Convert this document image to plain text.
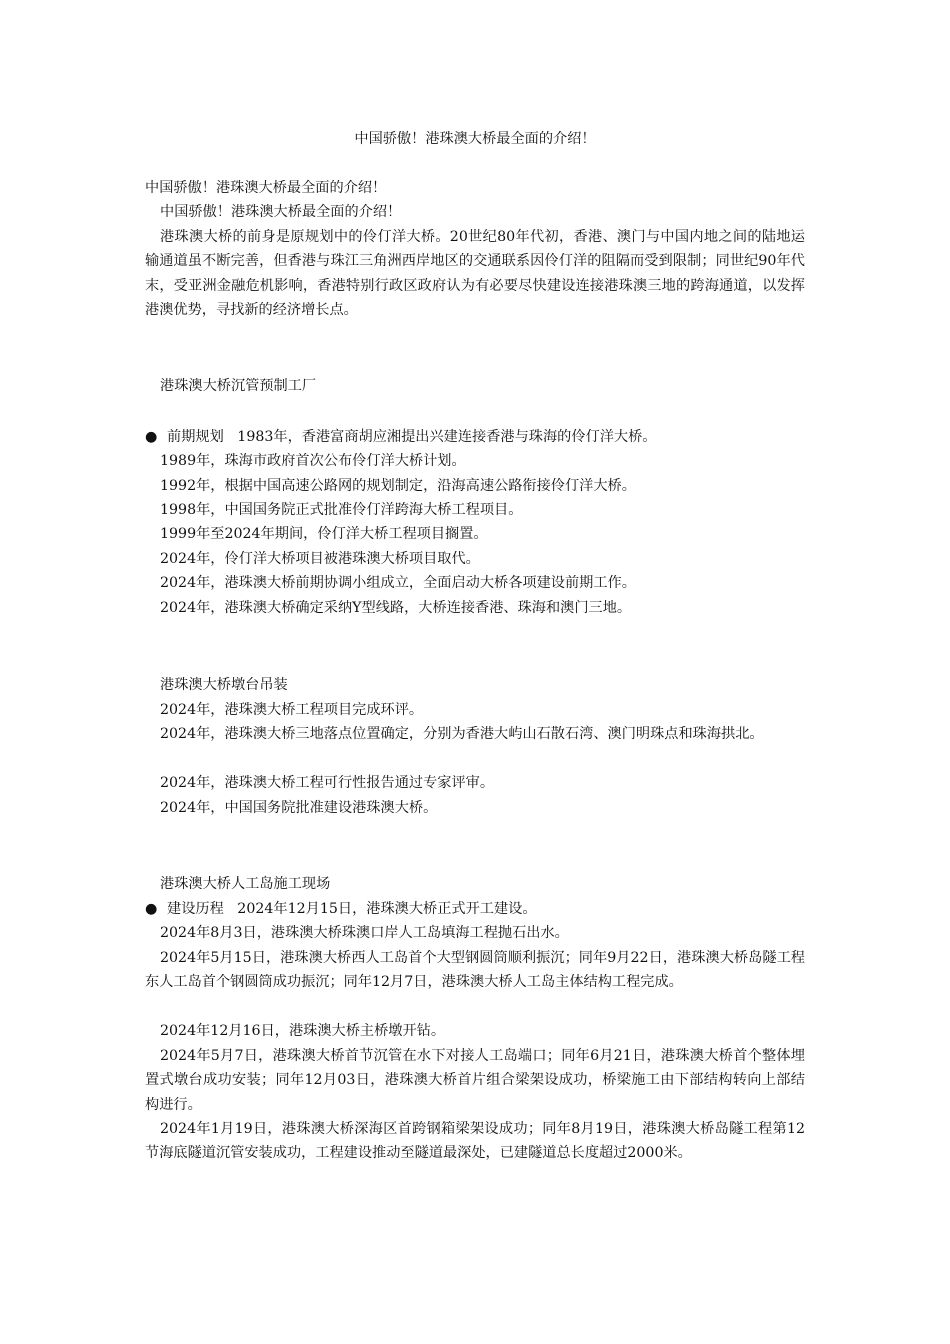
中国骄傲！港珠澳大桥最全面的介绍！
中国骄傲！港珠澳大桥最全面的介绍！
中国骄傲！港珠澳大桥最全面的介绍！
港珠澳大桥的前身是原规划中的伶仃洋大桥。20世纪80年代初，香港、澳门与中国内地之间的陆地运输通道虽不断完善，但香港与珠江三角洲西岸地区的交通联系因伶仃洋的阻隔而受到限制；同世纪90年代末，受亚洲金融危机影响，香港特别行政区政府认为有必要尽快建设连接港珠澳三地的跨海通道，以发挥港澳优势，寻找新的经济增长点。
港珠澳大桥沉管预制工厂
● 前期规划 1983年，香港富商胡应湘提出兴建连接香港与珠海的伶仃洋大桥。
1989年，珠海市政府首次公布伶仃洋大桥计划。
1992年，根据中国高速公路网的规划制定，沿海高速公路衔接伶仃洋大桥。
1998年，中国国务院正式批准伶仃洋跨海大桥工程项目。
1999年至2024年期间，伶仃洋大桥工程项目搁置。
2024年，伶仃洋大桥项目被港珠澳大桥项目取代。
2024年，港珠澳大桥前期协调小组成立，全面启动大桥各项建设前期工作。
2024年，港珠澳大桥确定采纳Y型线路，大桥连接香港、珠海和澳门三地。
港珠澳大桥墩台吊装
2024年，港珠澳大桥工程项目完成环评。
2024年，港珠澳大桥三地落点位置确定，分别为香港大屿山石散石湾、澳门明珠点和珠海拱北。
2024年，港珠澳大桥工程可行性报告通过专家评审。
2024年，中国国务院批准建设港珠澳大桥。
港珠澳大桥人工岛施工现场
● 建设历程 2024年12月15日，港珠澳大桥正式开工建设。
2024年8月3日，港珠澳大桥珠澳口岸人工岛填海工程抛石出水。
2024年5月15日，港珠澳大桥西人工岛首个大型钢圆筒顺利振沉；同年9月22日，港珠澳大桥岛隧工程东人工岛首个钢圆筒成功振沉；同年12月7日，港珠澳大桥人工岛主体结构工程完成。
2024年12月16日，港珠澳大桥主桥墩开钻。
2024年5月7日，港珠澳大桥首节沉管在水下对接人工岛端口；同年6月21日，港珠澳大桥首个整体埋置式墩台成功安装；同年12月03日，港珠澳大桥首片组合梁架设成功，桥梁施工由下部结构转向上部结构进行。
2024年1月19日，港珠澳大桥深海区首跨钢箱梁架设成功；同年8月19日，港珠澳大桥岛隧工程第12节海底隧道沉管安装成功，工程建设推动至隧道最深处，已建隧道总长度超过2000米。
